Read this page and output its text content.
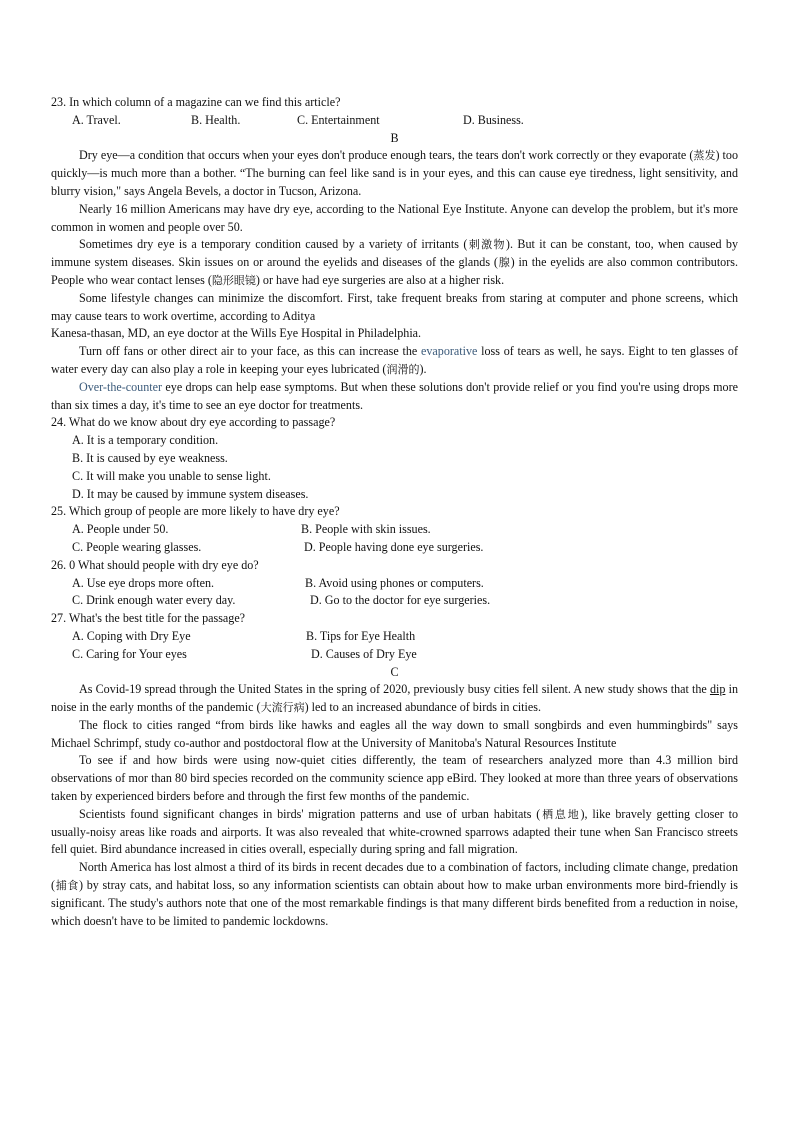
23. In which column of a magazine can we find this article?
A. Travel.	B. Health.	C. Entertainment	D. Business.
B

Dry eye—a condition that occurs when your eyes don't produce enough tears, the tears don't work correctly or they evaporate (蒸发) too quickly—is much more than a bother. “The burning can feel like sand is in your eyes, and this can cause eye tiredness, light sensitivity, and blurry vision," says Angela Bevels, a doctor in Tucson, Arizona.

Nearly 16 million Americans may have dry eye, according to the National Eye Institute. Anyone can develop the problem, but it's more common in women and people over 50.

Sometimes dry eye is a temporary condition caused by a variety of irritants (刺激物). But it can be constant, too, when caused by immune system diseases. Skin issues on or around the eyelids and diseases of the glands (腺) in the eyelids are also common contributors. People who wear contact lenses (隐形眼镜) or have had eye surgeries are also at a higher risk.

Some lifestyle changes can minimize the discomfort. First, take frequent breaks from staring at computer and phone screens, which may cause tears to work overtime, according to Aditya

Kanesa-thasan, MD, an eye doctor at the Wills Eye Hospital in Philadelphia.

Turn off fans or other direct air to your face, as this can increase the evaporative loss of tears as well, he says. Eight to ten glasses of water every day can also play a role in keeping your eyes lubricated (润滑的).

Over-the-counter eye drops can help ease symptoms. But when these solutions don't provide relief or you find you're using drops more than six times a day, it's time to see an eye doctor for treatments.

24. What do we know about dry eye according to passage?
A. It is a temporary condition.
B. It is caused by eye weakness.
C. It will make you unable to sense light.
D. It may be caused by immune system diseases.
25. Which group of people are more likely to have dry eye?
A. People under 50.	B. People with skin issues.
C. People wearing glasses.	D. People having done eye surgeries.
26. 0 What should people with dry eye do?
A. Use eye drops more often.	B. Avoid using phones or computers.
C. Drink enough water every day.	D. Go to the doctor for eye surgeries.
27. What's the best title for the passage?
A. Coping with Dry Eye	B. Tips for Eye Health
C. Caring for Your eyes	D. Causes of Dry Eye
C

As Covid-19 spread through the United States in the spring of 2020, previously busy cities fell silent. A new study shows that the dip in noise in the early months of the pandemic (大流行病) led to an increased abundance of birds in cities.

The flock to cities ranged “from birds like hawks and eagles all the way down to small songbirds and even hummingbirds" says Michael Schrimpf, study co-author and postdoctoral flow at the University of Manitoba's Natural Resources Institute

To see if and how birds were using now-quiet cities differently, the team of researchers analyzed more than 4.3 million bird observations of mor than 80 bird species recorded on the community science app eBird. They looked at more than three years of observations taken by experienced birders before and through the first few months of the pandemic.

Scientists found significant changes in birds' migration patterns and use of urban habitats (栖息地), like bravely getting closer to usually-noisy areas like roads and airports. It was also revealed that white-crowned sparrows adapted their tune when San Francisco streets fell quiet. Bird abundance increased in cities overall, especially during spring and fall migration.

North America has lost almost a third of its birds in recent decades due to a combination of factors, including climate change, predation (捕食) by stray cats, and habitat loss, so any information scientists can obtain about how to make urban environments more bird-friendly is significant. The study's authors note that one of the most remarkable findings is that many different birds benefited from a reduction in noise, which doesn't have to be limited to pandemic lockdowns.
